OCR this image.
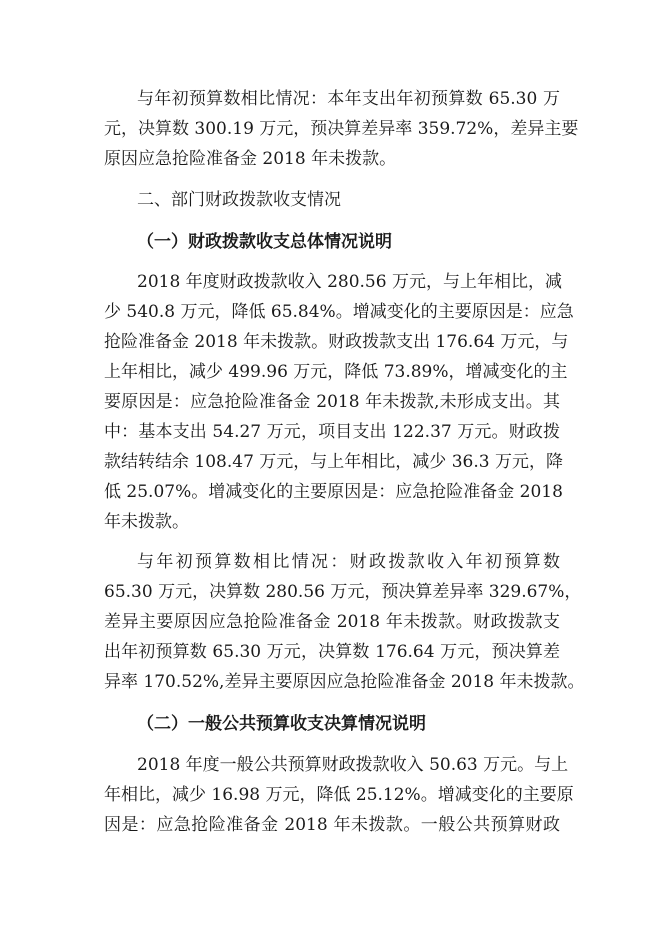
与年初预算数相比情况：本年支出年初预算数 65.30 万
元，决算数 300.19 万元，预决算差异率 359.72%，差异主要
原因应急抢险准备金 2018 年未拨款。
二、部门财政拨款收支情况
（一）财政拨款收支总体情况说明
2018 年度财政拨款收入 280.56 万元，与上年相比，减
少 540.8 万元，降低 65.84%。增减变化的主要原因是：应急
抢险准备金 2018 年未拨款。财政拨款支出 176.64 万元，与
上年相比，减少 499.96 万元，降低 73.89%，增减变化的主
要原因是：应急抢险准备金 2018 年未拨款,未形成支出。其
中：基本支出 54.27 万元，项目支出 122.37 万元。财政拨
款结转结余 108.47 万元，与上年相比，减少 36.3 万元，降
低 25.07%。增减变化的主要原因是：应急抢险准备金 2018
年未拨款。
与年初预算数相比情况：财政拨款收入年初预算数
65.30 万元，决算数 280.56 万元，预决算差异率 329.67%，
差异主要原因应急抢险准备金 2018 年未拨款。财政拨款支
出年初预算数 65.30 万元，决算数 176.64 万元，预决算差
异率 170.52%,差异主要原因应急抢险准备金 2018 年未拨款。
（二）一般公共预算收支决算情况说明
2018 年度一般公共预算财政拨款收入 50.63 万元。与上
年相比，减少 16.98 万元，降低 25.12%。增减变化的主要原
因是：应急抢险准备金 2018 年未拨款。一般公共预算财政
